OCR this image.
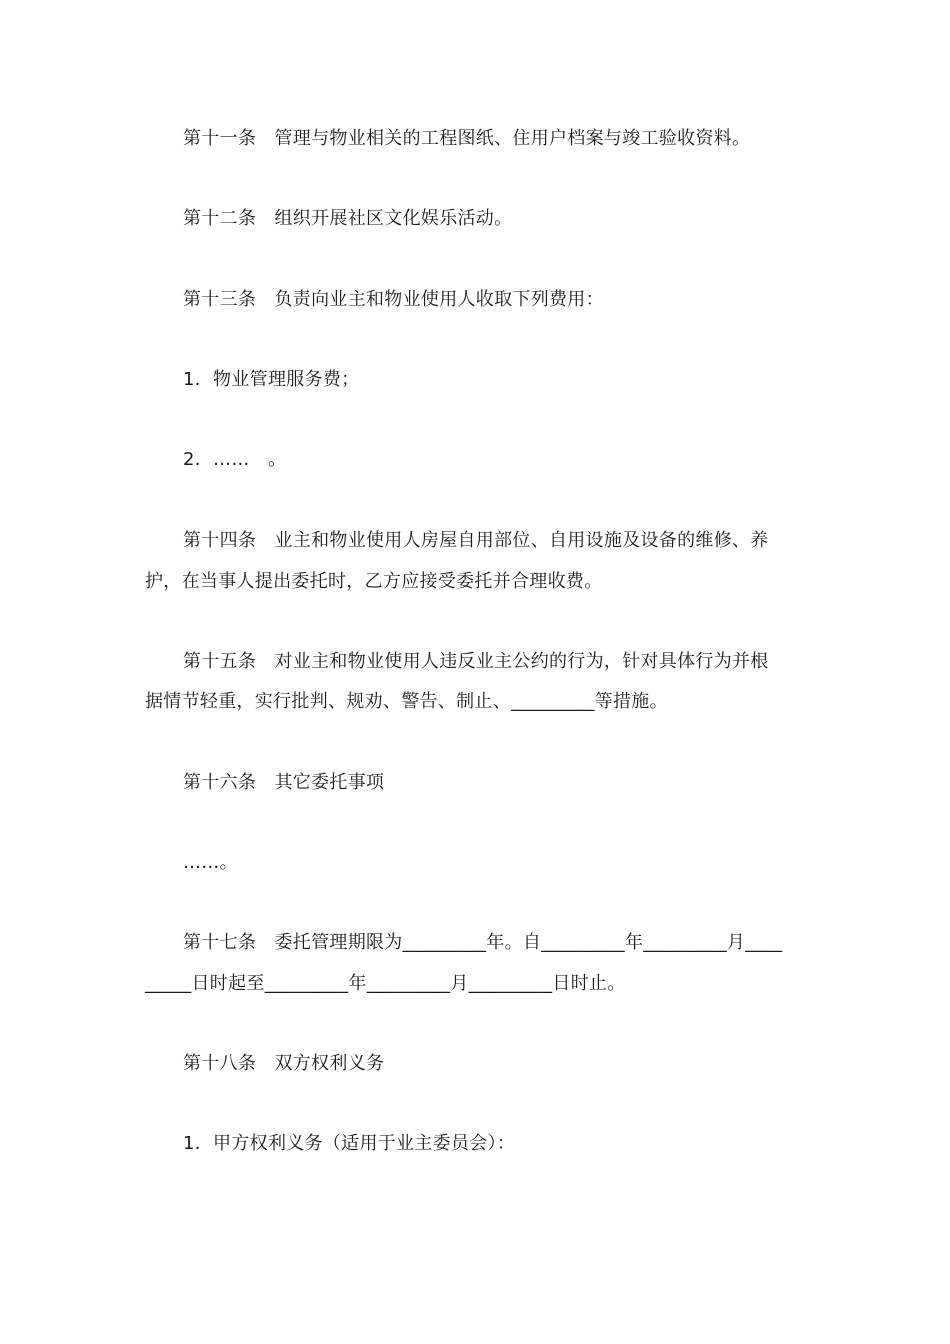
第十一条　管理与物业相关的工程图纸、住用户档案与竣工验收资料。
第十二条　组织开展社区文化娱乐活动。
第十三条　负责向业主和物业使用人收取下列费用：
1．物业管理服务费；
2．……　。
第十四条　业主和物业使用人房屋自用部位、自用设施及设备的维修、养
护，在当事人提出委托时，乙方应接受委托并合理收费。
第十五条　对业主和物业使用人违反业主公约的行为，针对具体行为并根
据情节轻重，实行批判、规劝、警告、制止、_________等措施。
第十六条　其它委托事项
……。
第十七条　委托管理期限为_________年。自_________年_________月____
_____日时起至_________年_________月_________日时止。
第十八条　双方权利义务
1．甲方权利义务（适用于业主委员会）：
